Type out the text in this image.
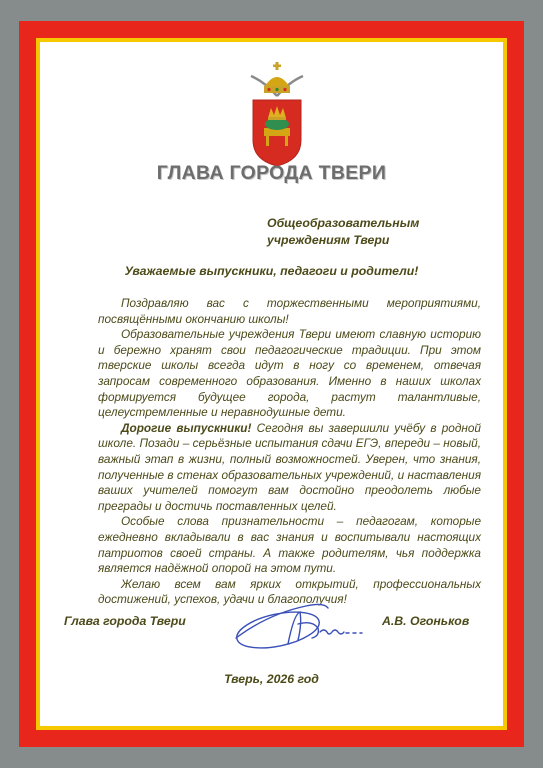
ГЛАВА ГОРОДА ТВЕРИ
Общеобразовательным
учреждениям Твери
Уважаемые выпускники, педагоги и родители!

Поздравляю вас с торжественными мероприятиями, посвящёнными окончанию школы!

Образовательные учреждения Твери имеют славную историю и бережно хранят свои педагогические традиции. При этом тверские школы всегда идут в ногу со временем, отвечая запросам современного образования. Именно в наших школах формируется будущее города, растут талантливые, целеустремленные и неравнодушные дети.

Дорогие выпускники! Сегодня вы завершили учёбу в родной школе. Позади – серьёзные испытания сдачи ЕГЭ, впереди – новый, важный этап в жизни, полный возможностей. Уверен, что знания, полученные в стенах образовательных учреждений, и наставления ваших учителей помогут вам достойно преодолеть любые преграды и достичь поставленных целей.

Особые слова признательности – педагогам, которые ежедневно вкладывали в вас знания и воспитывали настоящих патриотов своей страны. А также родителям, чья поддержка является надёжной опорой на этом пути.

Желаю всем вам ярких открытий, профессиональных достижений, успехов, удачи и благополучия!

Глава города Твери	А.В. Огоньков
Тверь, 2026 год
